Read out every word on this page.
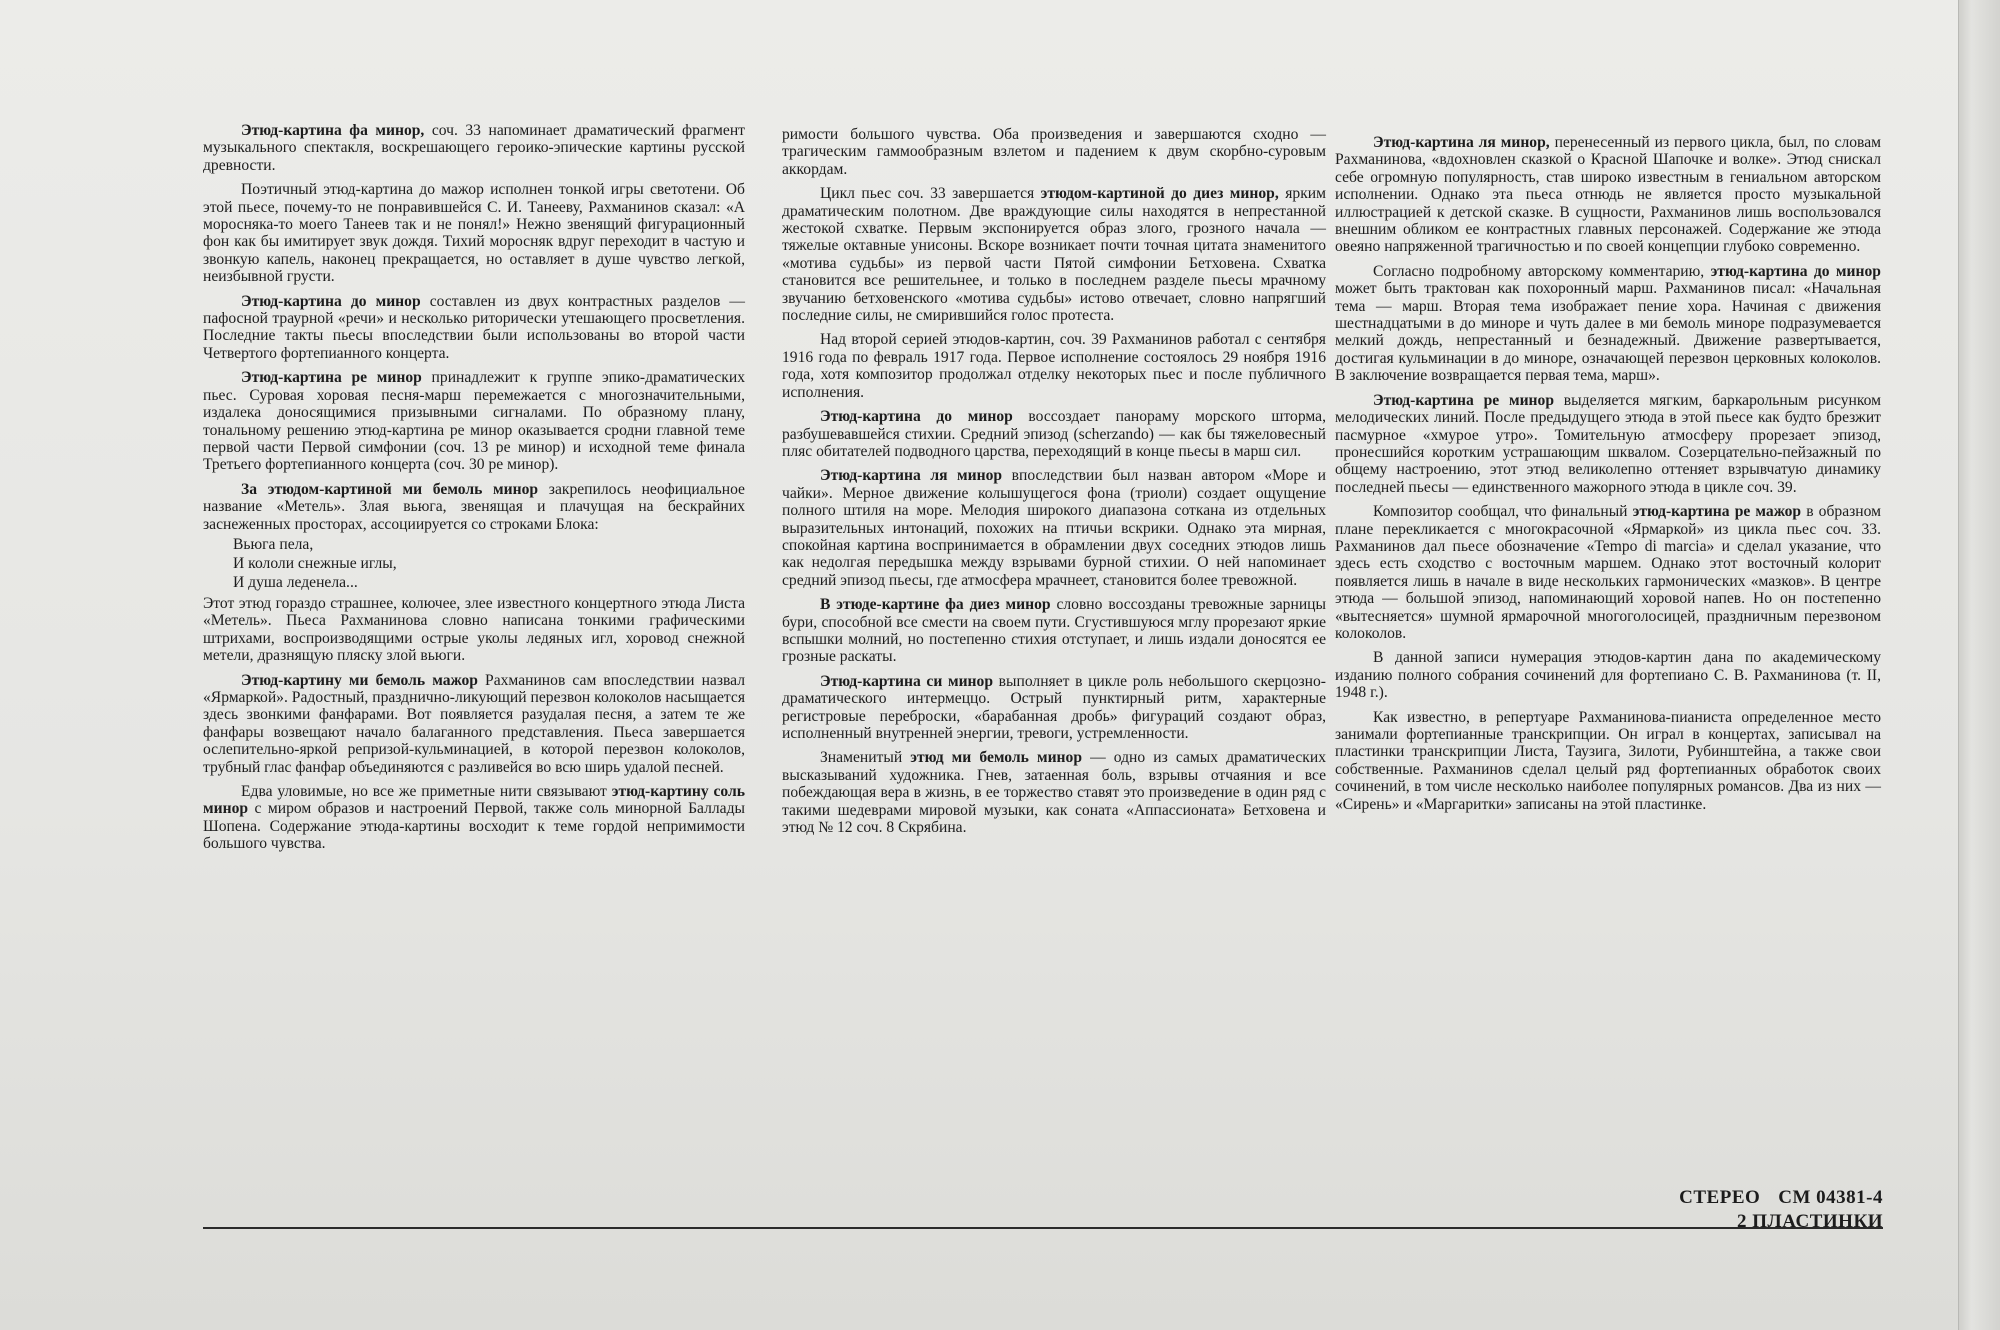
Этюд-картина фа минор, соч. 33 напоминает драматический фрагмент музыкального спектакля, воскрешающего героико-эпические картины русской древности.

Поэтичный этюд-картина до мажор исполнен тонкой игры светотени. Об этой пьесе, почему-то не понравившейся С. И. Танееву, Рахманинов сказал: «А моросняка-то моего Танеев так и не понял!» Нежно звенящий фигурационный фон как бы имитирует звук дождя. Тихий моросняк вдруг переходит в частую и звонкую капель, наконец прекращается, но оставляет в душе чувство легкой, неизбывной грусти.

Этюд-картина до минор составлен из двух контрастных разделов — пафосной траурной «речи» и несколько риторически утешающего просветления. Последние такты пьесы впоследствии были использованы во второй части Четвертого фортепианного концерта.

Этюд-картина ре минор принадлежит к группе эпико-драматических пьес. Суровая хоровая песня-марш перемежается с многозначительными, издалека доносящимися призывными сигналами. По образному плану, тональному решению этюд-картина ре минор оказывается сродни главной теме первой части Первой симфонии (соч. 13 ре минор) и исходной теме финала Третьего фортепианного концерта (соч. 30 ре минор).

За этюдом-картиной ми бемоль минор закрепилось неофициальное название «Метель». Злая вьюга, звенящая и плачущая на бескрайних заснеженных просторах, ассоциируется со строками Блока:

Вьюга пела,
И кололи снежные иглы,
И душа леденела...

Этот этюд гораздо страшнее, колючее, злее известного концертного этюда Листа «Метель». Пьеса Рахманинова словно написана тонкими графическими штрихами, воспроизводящими острые уколы ледяных игл, хоровод снежной метели, дразнящую пляску злой вьюги.

Этюд-картину ми бемоль мажор Рахманинов сам впоследствии назвал «Ярмаркой». Радостный, празднично-ликующий перезвон колоколов насыщается здесь звонкими фанфарами. Вот появляется разудалая песня, а затем те же фанфары возвещают начало балаганного представления. Пьеса завершается ослепительно-яркой репризой-кульминацией, в которой перезвон колоколов, трубный глас фанфар объединяются с разливейся во всю ширь удалой песней.

Едва уловимые, но все же приметные нити связывают этюд-картину соль минор с миром образов и настроений Первой, также соль минорной Баллады Шопена. Содержание этюда-картины восходит к теме гордой непримимости большого чувства.

римости большого чувства. Оба произведения и завершаются сходно — трагическим гаммообразным взлетом и падением к двум скорбно-суровым аккордам.

Цикл пьес соч. 33 завершается этюдом-картиной до диез минор, ярким драматическим полотном. Две враждующие силы находятся в непрестанной жестокой схватке. Первым экспонируется образ злого, грозного начала — тяжелые октавные унисоны. Вскоре возникает почти точная цитата знаменитого «мотива судьбы» из первой части Пятой симфонии Бетховена. Схватка становится все решительнее, и только в последнем разделе пьесы мрачному звучанию бетховенского «мотива судьбы» истово отвечает, словно напрягший последние силы, не смирившийся голос протеста.

Над второй серией этюдов-картин, соч. 39 Рахманинов работал с сентября 1916 года по февраль 1917 года. Первое исполнение состоялось 29 ноября 1916 года, хотя композитор продолжал отделку некоторых пьес и после публичного исполнения.

Этюд-картина до минор воссоздает панораму морского шторма, разбушевавшейся стихии. Средний эпизод (scherzando) — как бы тяжеловесный пляс обитателей подводного царства, переходящий в конце пьесы в марш сил.

Этюд-картина ля минор впоследствии был назван автором «Море и чайки». Мерное движение колышущегося фона (триоли) создает ощущение полного штиля на море. Мелодия широкого диапазона соткана из отдельных выразительных интонаций, похожих на птичьи вскрики. Однако эта мирная, спокойная картина воспринимается в обрамлении двух соседних этюдов лишь как недолгая передышка между взрывами бурной стихии. О ней напоминает средний эпизод пьесы, где атмосфера мрачнеет, становится более тревожной.

В этюде-картине фа диез минор словно воссозданы тревожные зарницы бури, способной все смести на своем пути. Сгустившуюся мглу прорезают яркие вспышки молний, но постепенно стихия отступает, и лишь издали доносятся ее грозные раскаты.

Этюд-картина си минор выполняет в цикле роль небольшого скерцозно-драматического интермеццо. Острый пунктирный ритм, характерные регистровые переброски, «барабанная дробь» фигураций создают образ, исполненный внутренней энергии, тревоги, устремленности.

Знаменитый этюд ми бемоль минор — одно из самых драматических высказываний художника. Гнев, затаенная боль, взрывы отчаяния и все побеждающая вера в жизнь, в ее торжество ставят это произведение в один ряд с такими шедеврами мировой музыки, как соната «Аппассионата» Бетховена и этюд № 12 соч. 8 Скрябина.

Этюд-картина ля минор, перенесенный из первого цикла, был, по словам Рахманинова, «вдохновлен сказкой о Красной Шапочке и волке». Этюд снискал себе огромную популярность, став широко известным в гениальном авторском исполнении. Однако эта пьеса отнюдь не является просто музыкальной иллюстрацией к детской сказке. В сущности, Рахманинов лишь воспользовался внешним обликом ее контрастных главных персонажей. Содержание же этюда овеяно напряженной трагичностью и по своей концепции глубоко современно.

Согласно подробному авторскому комментарию, этюд-картина до минор может быть трактован как похоронный марш. Рахманинов писал: «Начальная тема — марш. Вторая тема изображает пение хора. Начиная с движения шестнадцатыми в до миноре и чуть далее в ми бемоль миноре подразумевается мелкий дождь, непрестанный и безнадежный. Движение развертывается, достигая кульминации в до миноре, означающей перезвон церковных колоколов. В заключение возвращается первая тема, марш».

Этюд-картина ре минор выделяется мягким, баркарольным рисунком мелодических линий. После предыдущего этюда в этой пьесе как будто брезжит пасмурное «хмурое утро». Томительную атмосферу прорезает эпизод, пронесшийся коротким устрашающим шквалом. Созерцательно-пейзажный по общему настроению, этот этюд великолепно оттеняет взрывчатую динамику последней пьесы — единственного мажорного этюда в цикле соч. 39.

Композитор сообщал, что финальный этюд-картина ре мажор в образном плане перекликается с многокрасочной «Ярмаркой» из цикла пьес соч. 33. Рахманинов дал пьесе обозначение «Tempo di marcia» и сделал указание, что здесь есть сходство с восточным маршем. Однако этот восточный колорит появляется лишь в начале в виде нескольких гармонических «мазков». В центре этюда — большой эпизод, напоминающий хоровой напев. Но он постепенно «вытесняется» шумной ярмарочной многоголосицей, праздничным перезвоном колоколов.

В данной записи нумерация этюдов-картин дана по академическому изданию полного собрания сочинений для фортепиано С. В. Рахманинова (т. II, 1948 г.).

Как известно, в репертуаре Рахманинова-пианиста определенное место занимали фортепианные транскрипции. Он играл в концертах, записывал на пластинки транскрипции Листа, Таузига, Зилоти, Рубинштейна, а также свои собственные. Рахманинов сделал целый ряд фортепианных обработок своих сочинений, в том числе несколько наиболее популярных романсов. Два из них — «Сирень» и «Маргаритки» записаны на этой пластинке.

СТЕРЕО СМ 04381-4
2 ПЛАСТИНКИ
